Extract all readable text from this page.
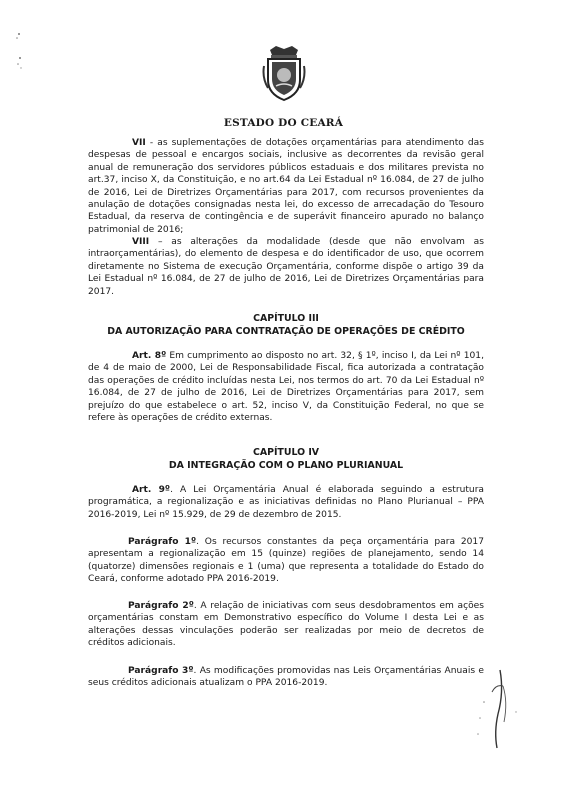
ESTADO DO CEARÁ

VII - as suplementações de dotações orçamentárias para atendimento das despesas de pessoal e encargos sociais, inclusive as decorrentes da revisão geral anual de remuneração dos servidores públicos estaduais e dos militares prevista no art.37, inciso X, da Constituição, e no art.64 da Lei Estadual nº 16.084, de 27 de julho de 2016, Lei de Diretrizes Orçamentárias para 2017, com recursos provenientes da anulação de dotações consignadas nesta lei, do excesso de arrecadação do Tesouro Estadual, da reserva de contingência e de superávit financeiro apurado no balanço patrimonial de 2016;

VIII – as alterações da modalidade (desde que não envolvam as intraorçamentárias), do elemento de despesa e do identificador de uso, que ocorrem diretamente no Sistema de execução Orçamentária, conforme dispõe o artigo 39 da Lei Estadual nº 16.084, de 27 de julho de 2016, Lei de Diretrizes Orçamentárias para 2017.

CAPÍTULO III
DA AUTORIZAÇÃO PARA CONTRATAÇÃO DE OPERAÇÕES DE CRÉDITO

Art. 8º Em cumprimento ao disposto no art. 32, § 1º, inciso I, da Lei nº 101, de 4 de maio de 2000, Lei de Responsabilidade Fiscal, fica autorizada a contratação das operações de crédito incluídas nesta Lei, nos termos do art. 70 da Lei Estadual nº 16.084, de 27 de julho de 2016, Lei de Diretrizes Orçamentárias para 2017, sem prejuízo do que estabelece o art. 52, inciso V, da Constituição Federal, no que se refere às operações de crédito externas.

CAPÍTULO IV
DA INTEGRAÇÃO COM O PLANO PLURIANUAL

Art. 9º. A Lei Orçamentária Anual é elaborada seguindo a estrutura programática, a regionalização e as iniciativas definidas no Plano Plurianual – PPA 2016-2019, Lei nº 15.929, de 29 de dezembro de 2015.

Parágrafo 1º. Os recursos constantes da peça orçamentária para 2017 apresentam a regionalização em 15 (quinze) regiões de planejamento, sendo 14 (quatorze) dimensões regionais e 1 (uma) que representa a totalidade do Estado do Ceará, conforme adotado PPA 2016-2019.

Parágrafo 2º. A relação de iniciativas com seus desdobramentos em ações orçamentárias constam em Demonstrativo específico do Volume I desta Lei e as alterações dessas vinculações poderão ser realizadas por meio de decretos de créditos adicionais.

Parágrafo 3º. As modificações promovidas nas Leis Orçamentárias Anuais e seus créditos adicionais atualizam o PPA 2016-2019.
